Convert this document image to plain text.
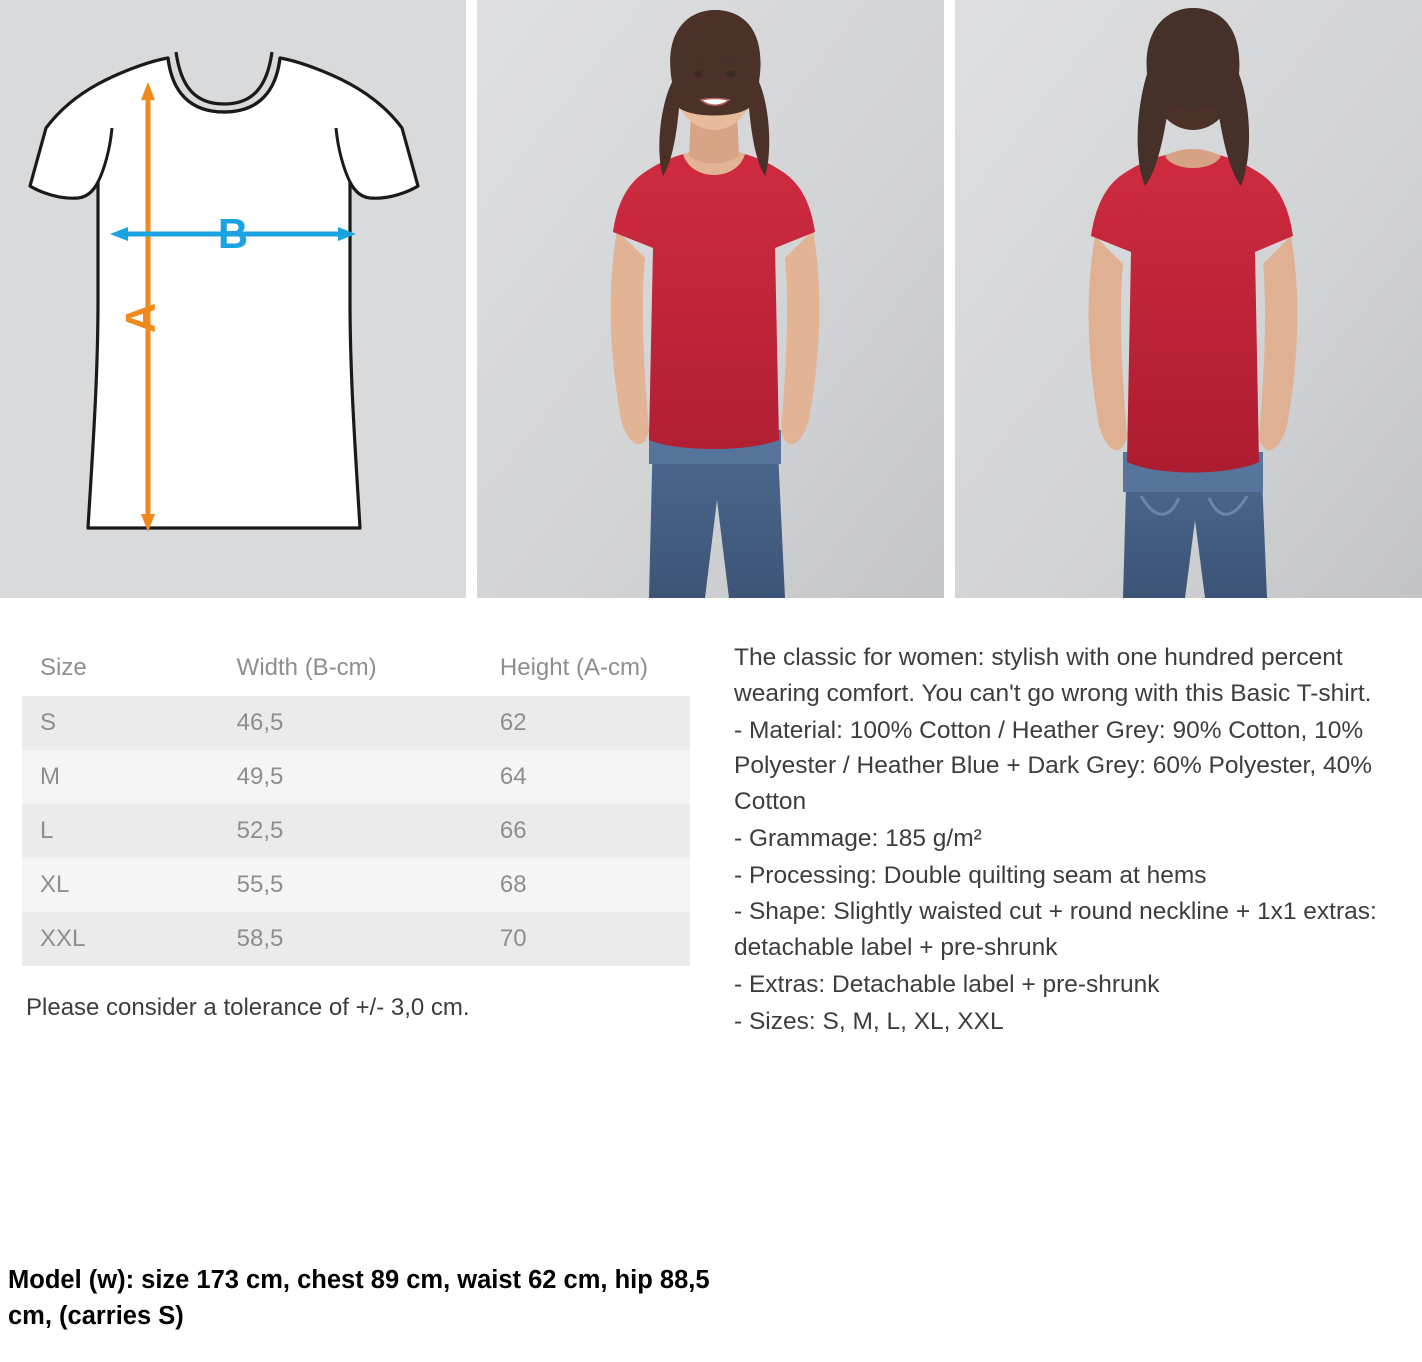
A
B
Size	Width (B-cm)	Height (A-cm)
S	46,5	62
M	49,5	64
L	52,5	66
XL	55,5	68
XXL	58,5	70
Please consider a tolerance of +/- 3,0 cm.

The classic for women: stylish with one hundred percent wearing comfort. You can't go wrong with this Basic T-shirt.

- Material: 100% Cotton / Heather Grey: 90% Cotton, 10% Polyester / Heather Blue + Dark Grey: 60% Polyester, 40% Cotton

- Grammage: 185 g/m²

- Processing: Double quilting seam at hems

- Shape: Slightly waisted cut + round neckline + 1x1 extras: detachable label + pre-shrunk

- Extras: Detachable label + pre-shrunk

- Sizes: S, M, L, XL, XXL

Model (w): size 173 cm, chest 89 cm, waist 62 cm, hip 88,5 cm, (carries S)
